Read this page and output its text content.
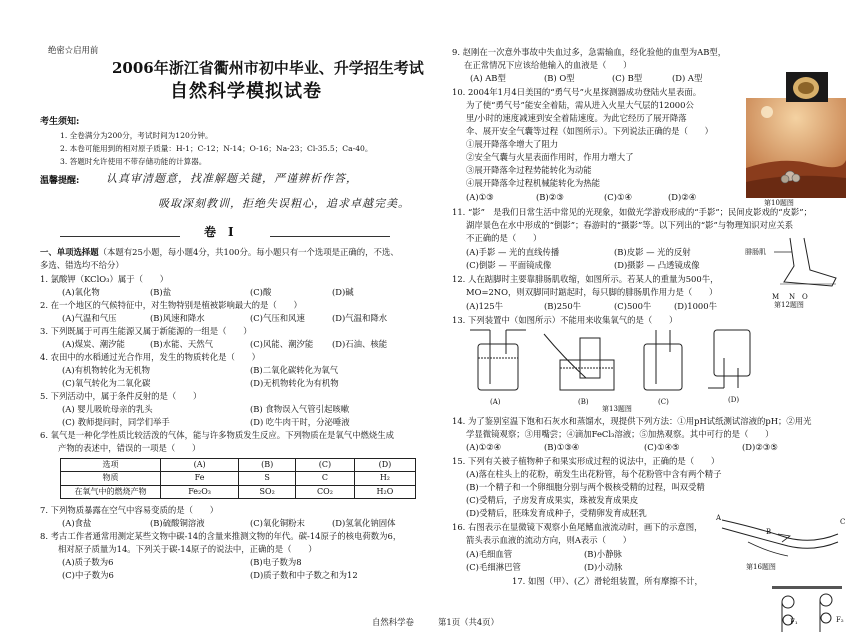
绝密☆启用前
2006年浙江省衢州市初中毕业、升学招生考试
自然科学模拟试卷
考生须知:
1. 全卷满分为200分，考试时间为120分钟。
2. 本卷可能用到的相对原子质量：H-1；C-12；N-14；O-16；Na-23；Cl-35.5；Ca-40。
3. 答题时允许使用不带存储功能的计算器。
温馨提醒: 认真审清题意，找准解题关键，严谨辨析作答，
吸取深刻教训，拒绝失误粗心，追求卓越完美。
卷　Ⅰ
一、单项选择题（本题有25小题，每小题4分，共100分。每小题只有一个选项是正确的，不选、
多选、错选均不给分）
1. 氯酸钾（KClO₃）属于（　　）
(A)氧化物	(B)盐	(C)酸	(D)碱
2. 在一个地区的气候特征中，对生物特别是植被影响最大的是（　　）
(A)气温和气压	(B)风速和降水	(C)气压和风速	(D)气温和降水
3. 下列既属于可再生能源又属于新能源的一组是（　　）
(A)煤炭、潮汐能	(B)水能、天然气	(C)风能、潮汐能 (D)石油、核能
4. 农田中的水稻通过光合作用，发生的物质转化是（　　）
(A)有机物转化为无机物	(B)二氧化碳转化为氧气
(C)氧气转化为二氧化碳	(D)无机物转化为有机物
5. 下列活动中，属于条件反射的是（　　）
(A) 婴儿吸吮母亲的乳头	(B) 食物误入气管引起咳嗽
(C) 教师提问时，同学们举手	(D) 吃牛肉干时，分泌唾液
6. 氧气是一种化学性质比较活泼的气体，能与许多物质发生反应。下列物质在是氧气中燃烧生成
产物的表述中，错误的一项是（　　）
选项	(A)	(B)	(C)	(D)
物质	Fe	S	C	H₂
在氧气中的燃烧产物	Fe₂O₃	SO₂	CO₂	H₂O
7. 下列物质暴露在空气中容易变质的是（　　）
(A)食盐	(B)硫酸铜溶液	(C)氧化铜粉末	(D)氢氧化钠固体
8. 考古工作者通常用测定某些文物中碳-14的含量来推测文物的年代。碳-14原子的核电荷数为6，
相对原子质量为14。下列关于碳-14原子的说法中，正确的是（　　）
(A)质子数为6	(B)电子数为8
(C)中子数为6	(D)质子数和中子数之和为12
9. 赵刚在一次意外事故中失血过多，急需输血，经化验他的血型为AB型，
在正常情况下应该给他输入的血液是（　　）
(A) AB型	(B) O型	(C) B型	(D) A型
10. 2004年1月4日美国的“勇气号”火星探测器成功登陆火星表面。
为了使“勇气号”能安全着陆，需从进入火星大气层的12000公
里/小时的速度减速到安全着陆速度。为此它经历了展开降落
伞、展开安全气囊等过程（如图所示）。下列说法正确的是（　　）
①展开降落伞增大了阻力
②安全气囊与火星表面作用时，作用力增大了
③展开降落伞过程势能转化为动能
④展开降落伞过程机械能转化为热能
(A)①③	(B)②③	(C)①④	(D)②④
第10题图
11. “影”　是我们日常生活中常见的光现象，如做光学游戏形成的“手影”；民间皮影戏的“皮影”；
湖岸景色在水中形成的“倒影”；春游时的“摄影”等。以下列出的“影”与物理知识对应关系
不正确的是（　　）
(A)手影 — 光的直线传播	(B)皮影 — 光的反射
(C)倒影 — 平面镜成像	(D)摄影 — 凸透镜成像
12. 人在踮脚时主要靠腓肠肌收缩，如图所示。若某人的重量为500牛，
MO=2NO，则双脚同时踮起时，每只脚的腓肠肌作用力是（　　）
(A)125牛	(B)250牛	(C)500牛	(D)1000牛
腓肠肌
M N O
第12题图
13. 下列装置中（如图所示）不能用来收集氧气的是（　　）
(A)	(B)	(C)	(D)
第13题图
14. 为了鉴别室温下饱和石灰水和蒸馏水，现提供下列方法：①用pH试纸测试溶液的pH；②用光
学显微镜观察；③用嘴尝；④滴加FeCl₃溶液；⑤加热观察。其中可行的是（　　）
(A)①②④	(B)①③④	(C)①④⑤	(D)②③⑤
15. 下列有关被子植物种子和果实形成过程的说法中，正确的是（　　）
(A)落在柱头上的花粉，萌发生出花粉管，每个花粉管中含有两个精子
(B)一个精子和一个卵细胞分别与两个极核受精的过程，叫双受精
(C)受精后，子房发育成果实，珠被发育成果皮
(D)受精后，胚珠发育成种子，受精卵发育成胚乳
16. 右图表示在显微镜下观察小鱼尾鳍血液流动时，画下的示意图，
箭头表示血液的流动方向，则A表示（　　）
(A)毛细血管	(B)小静脉
(C)毛细淋巴管	(D)小动脉
A
B
C
第16题图
17. 如图（甲）、(乙）滑轮组装置，所有摩擦不计，
F₁	F₂
自然科学卷	第1页（共4页）
